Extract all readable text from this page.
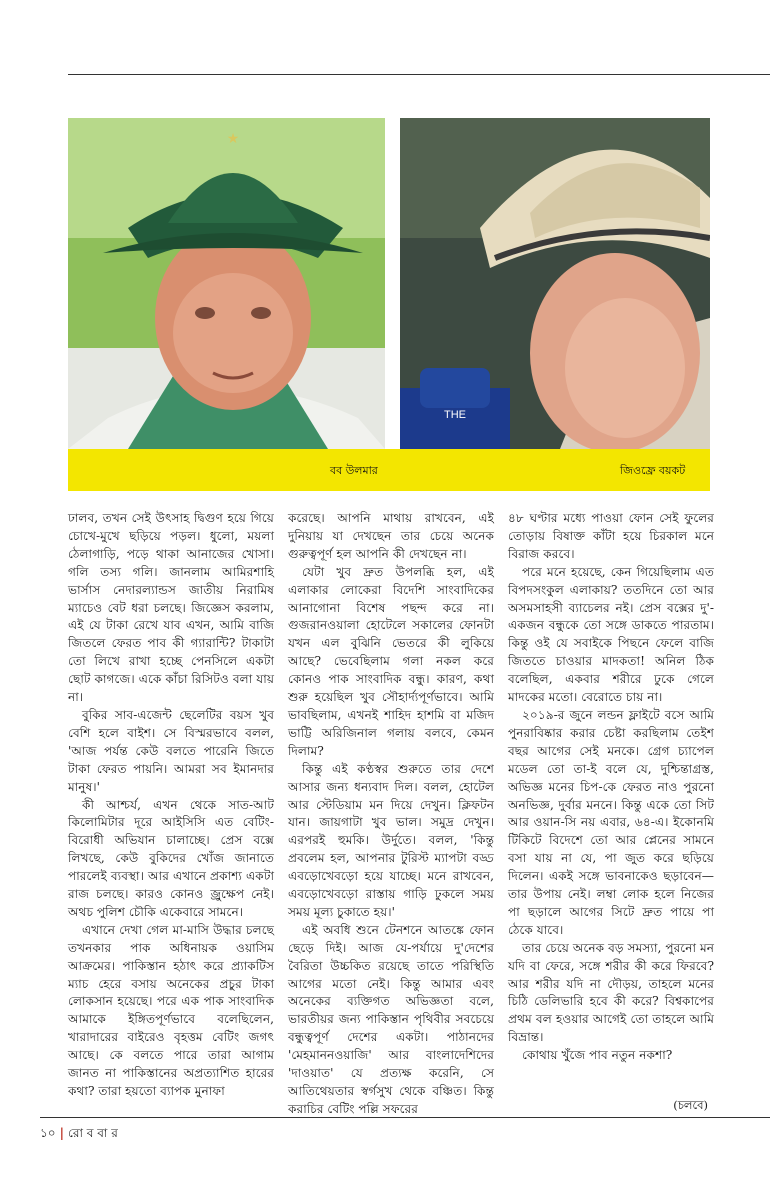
★
THE
বব উলমার	জিওফ্রে বয়কট

ঢালব, তখন সেই উৎসাহ দ্বিগুণ হয়ে গিয়ে চোখে-মুখে ছড়িয়ে পড়ল। ধুলো, ময়লা ঠেলাগাড়ি, পড়ে থাকা আনাজের খোসা। গলি তস্য গলি। জানলাম আমিরশাহি ভার্সাস নেদারল্যান্ডস জাতীয় নিরামিষ ম্যাচেও বেট ধরা চলছে। জিজ্ঞেস করলাম, এই যে টাকা রেখে যাব এখন, আমি বাজি জিতলে ফেরত পাব কী গ্যারান্টি? টাকাটা তো লিখে রাখা হচ্ছে পেনসিলে একটা ছোট কাগজে। একে কাঁচা রিসিটও বলা যায় না।

বুকির সাব-এজেন্ট ছেলেটির বয়স খুব বেশি হলে বাইশ। সে বিস্মরভাবে বলল, 'আজ পর্যন্ত কেউ বলতে পারেনি জিতে টাকা ফেরত পায়নি। আমরা সব ইমানদার মানুষ।'

কী আশ্চর্য, এখন থেকে সাত-আট কিলোমিটার দূরে আইসিসি এত বেটিং-বিরোধী অভিযান চালাচ্ছে। প্রেস বক্সে লিখছে, কেউ বুকিদের খোঁজ জানাতে পারলেই ব্যবস্থা। আর এখানে প্রকাশ্য একটা রাজ চলছে। কারও কোনও জ্রুক্ষেপ নেই। অথচ পুলিশ চৌকি একেবারে সামনে।

এখানে দেখা গেল মা-মাসি উদ্ধার চলছে তখনকার পাক অধিনায়ক ওয়াসিম আক্রমের। পাকিস্তান হঠাৎ করে প্র্যাকটিস ম্যাচ হেরে বসায় অনেকের প্রচুর টাকা লোকসান হয়েছে। পরে এক পাক সাংবাদিক আমাকে ইঙ্গিতপূর্ণভাবে বলেছিলেন, খারাদারের বাইরেও বৃহত্তম বেটিং জগৎ আছে। কে বলতে পারে তারা আগাম জানত না পাকিস্তানের অপ্রত্যাশিত হারের কথা? তারা হয়তো ব্যাপক মুনাফা

করেছে। আপনি মাথায় রাখবেন, এই দুনিয়ায় যা দেখছেন তার চেয়ে অনেক গুরুত্বপূর্ণ হল আপনি কী দেখছেন না।

যেটা খুব দ্রুত উপলব্ধি হল, এই এলাকার লোকেরা বিদেশি সাংবাদিকের আনাগোনা বিশেষ পছন্দ করে না। গুজরানওয়ালা হোটেলে সকালের ফোনটা যখন এল বুঝিনি ভেতরে কী লুকিয়ে আছে? ভেবেছিলাম গলা নকল করে কোনও পাক সাংবাদিক বন্ধু। কারণ, কথা শুরু হয়েছিল খুব সৌহার্দ্যপূর্ণভাবে। আমি ভাবছিলাম, এখনই শাহিদ হাশমি বা মজিদ ভাট্টি অরিজিনাল গলায় বলবে, কেমন দিলাম?

কিন্তু এই কণ্ঠস্বর শুরুতে তার দেশে আসার জন্য ধন্যবাদ দিল। বলল, হোটেল আর স্টেডিয়াম মন দিয়ে দেখুন। ক্লিফটন যান। জায়গাটা খুব ভাল। সমুদ্র দেখুন। এরপরই হুমকি। উর্দুতে। বলল, 'কিন্তু প্রবলেম হল, আপনার টুরিস্ট ম্যাপটা বড্ড এবড়োখেবড়ো হয়ে যাচ্ছে। মনে রাখবেন, এবড়োখেবড়ো রাস্তায় গাড়ি ঢুকলে সময় সময় মূল্য চুকাতে হয়।'

এই অবধি শুনে টেনশনে আতঙ্কে ফোন ছেড়ে দিই। আজ যে-পর্যায়ে দু'দেশের বৈরিতা উচ্চকিত রয়েছে তাতে পরিস্থিতি আগের মতো নেই। কিন্তু আমার এবং অনেকের ব্যক্তিগত অভিজ্ঞতা বলে, ভারতীয়র জন্য পাকিস্তান পৃথিবীর সবচেয়ে বন্ধুত্বপূর্ণ দেশের একটা। পাঠানদের 'মেহমাননওয়াজি' আর বাংলাদেশিদের 'দাওয়াত' যে প্রত্যক্ষ করেনি, সে আতিথেয়তার স্বর্গসুখ থেকে বঞ্চিত। কিন্তু করাচির বেটিং পল্লি সফরের

৪৮ ঘণ্টার মধ্যে পাওয়া ফোন সেই ফুলের তোড়ায় বিষাক্ত কাঁটা হয়ে চিরকাল মনে বিরাজ করবে।

পরে মনে হয়েছে, কেন গিয়েছিলাম এত বিপদসংকুল এলাকায়? ততদিনে তো আর অসমসাহসী ব্যাচেলর নই। প্রেস বক্সের দু'-একজন বন্ধুকে তো সঙ্গে ডাকতে পারতাম। কিন্তু ওই যে সবাইকে পিছনে ফেলে বাজি জিততে চাওয়ার মাদকতা! অনিল ঠিক বলেছিল, একবার শরীরে ঢুকে গেলে মাদকের মতো। বেরোতে চায় না।

২০১৯-র জুনে লন্ডন ফ্লাইটে বসে আমি পুনরাবিষ্কার করার চেষ্টা করছিলাম তেইশ বছর আগের সেই মনকে। গ্রেগ চ্যাপেল মডেল তো তা-ই বলে যে, দুশ্চিন্তাগ্রস্ত, অভিজ্ঞ মনের চিপ-কে ফেরত নাও পুরনো অনভিজ্ঞ, দুর্বার মননে। কিন্তু একে তো সিট আর ওয়ান-সি নয় এবার, ৬৪-এ। ইকোনমি টিকিটে বিদেশে তো আর প্লেনের সামনে বসা যায় না যে, পা জুত করে ছড়িয়ে দিলেন। একই সঙ্গে ভাবনাকেও ছড়াবেন— তার উপায় নেই। লম্বা লোক হলে নিজের পা ছড়ালে আগের সিটে দ্রুত পায়ে পা ঠেকে যাবে।

তার চেয়ে অনেক বড় সমস্যা, পুরনো মন যদি বা ফেরে, সঙ্গে শরীর কী করে ফিরবে? আর শরীর যদি না দৌড়য়, তাহলে মনের চিঠি ডেলিভারি হবে কী করে? বিশ্বকাপের প্রথম বল হওয়ার আগেই তো তাহলে আমি বিভ্রান্ত।

কোথায় খুঁজে পাব নতুন নকশা?

(চলবে)
১০ | রো ব বা র
